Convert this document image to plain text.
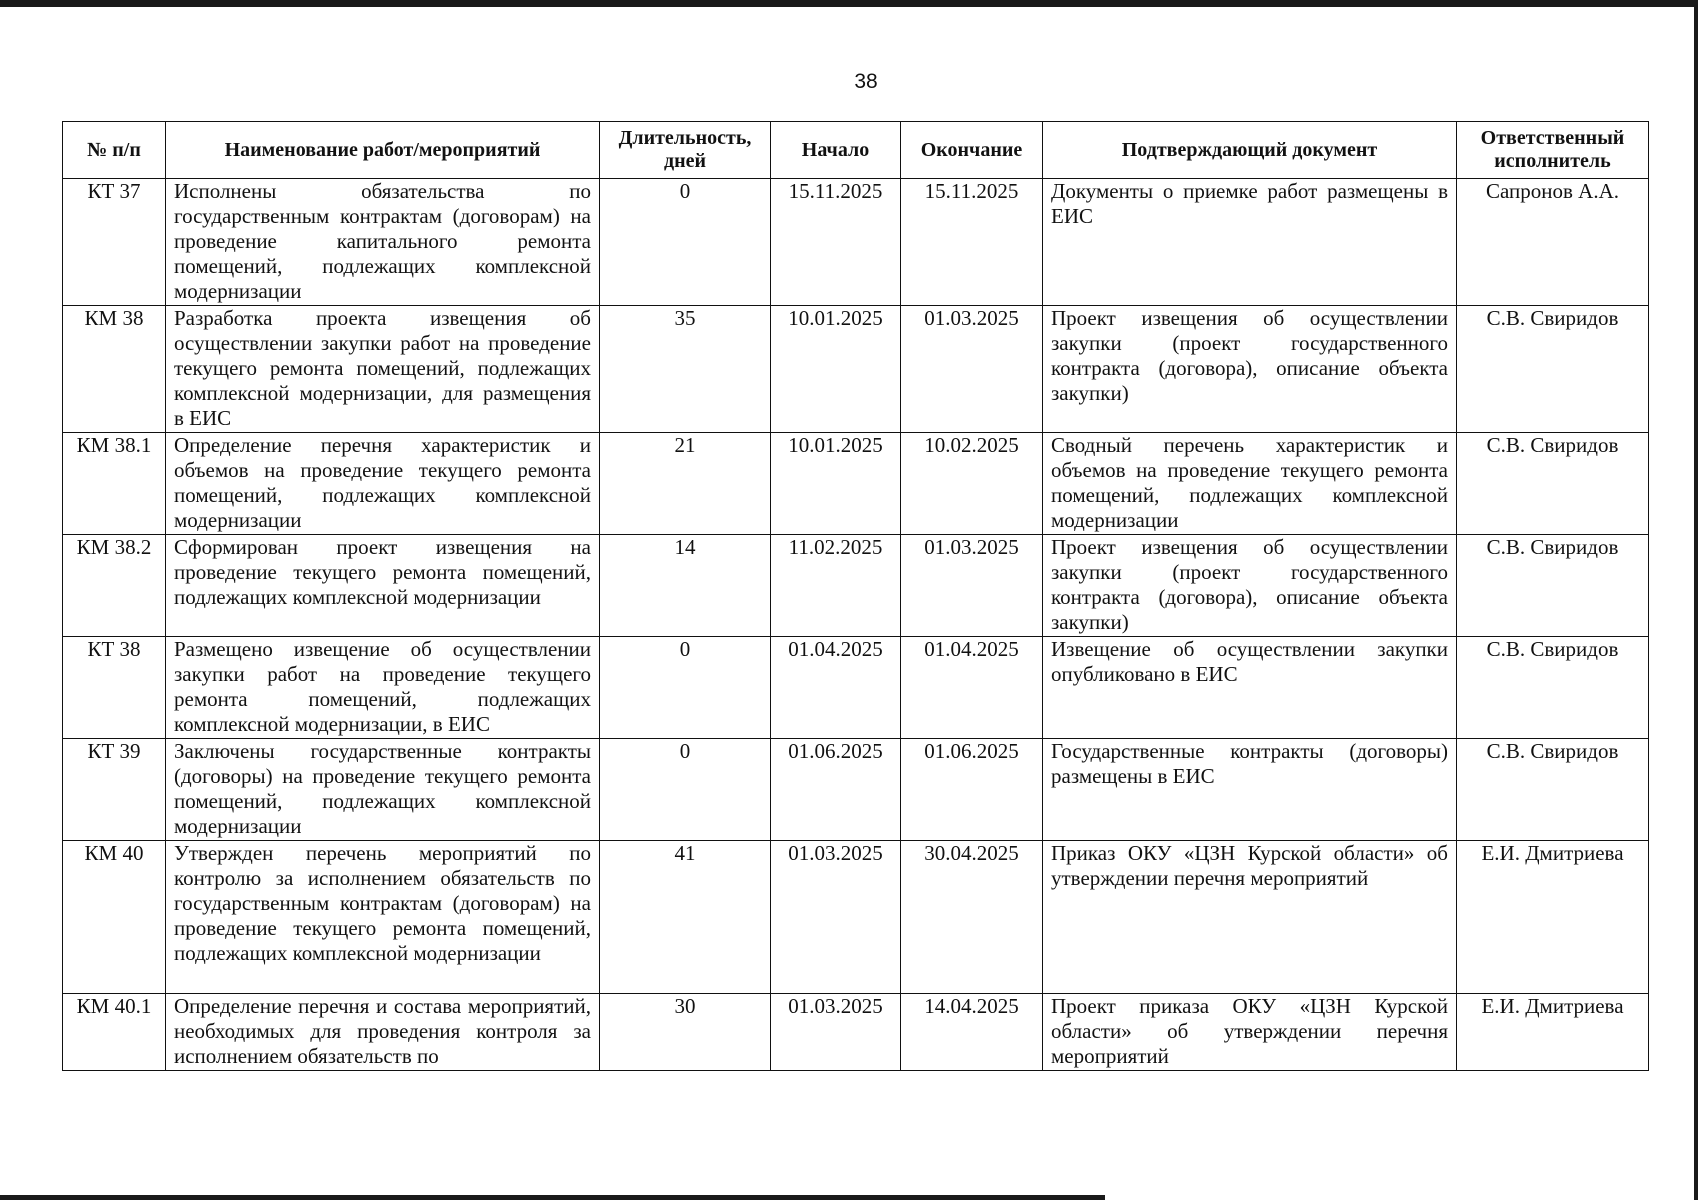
38
№ п/п	Наименование работ/мероприятий	Длительность, дней	Начало	Окончание	Подтверждающий документ	Ответственный исполнитель
КТ 37	Исполнены обязательства по государственным контрактам (договорам) на проведение капитального ремонта помещений, подлежащих комплексной модернизации	0	15.11.2025	15.11.2025	Документы о приемке работ размещены в ЕИС	Сапронов А.А.
КМ 38	Разработка проекта извещения об осуществлении закупки работ на проведение текущего ремонта помещений, подлежащих комплексной модернизации, для размещения в ЕИС	35	10.01.2025	01.03.2025	Проект извещения об осуществлении закупки (проект государственного контракта (договора), описание объекта закупки)	С.В. Свиридов
КМ 38.1	Определение перечня характеристик и объемов на проведение текущего ремонта помещений, подлежащих комплексной модернизации	21	10.01.2025	10.02.2025	Сводный перечень характеристик и объемов на проведение текущего ремонта помещений, подлежащих комплексной модернизации	С.В. Свиридов
КМ 38.2	Сформирован проект извещения на проведение текущего ремонта помещений, подлежащих комплексной модернизации	14	11.02.2025	01.03.2025	Проект извещения об осуществлении закупки (проект государственного контракта (договора), описание объекта закупки)	С.В. Свиридов
КТ 38	Размещено извещение об осуществлении закупки работ на проведение текущего ремонта помещений, подлежащих комплексной модернизации, в ЕИС	0	01.04.2025	01.04.2025	Извещение об осуществлении закупки опубликовано в ЕИС	С.В. Свиридов
КТ 39	Заключены государственные контракты (договоры) на проведение текущего ремонта помещений, подлежащих комплексной модернизации	0	01.06.2025	01.06.2025	Государственные контракты (договоры) размещены в ЕИС	С.В. Свиридов
КМ 40	Утвержден перечень мероприятий по контролю за исполнением обязательств по государственным контрактам (договорам) на проведение текущего ремонта помещений, подлежащих комплексной модернизации	41	01.03.2025	30.04.2025	Приказ ОКУ «ЦЗН Курской области» об утверждении перечня мероприятий	Е.И. Дмитриева
КМ 40.1	Определение перечня и состава мероприятий, необходимых для проведения контроля за исполнением обязательств по	30	01.03.2025	14.04.2025	Проект приказа ОКУ «ЦЗН Курской области» об утверждении перечня мероприятий	Е.И. Дмитриева
